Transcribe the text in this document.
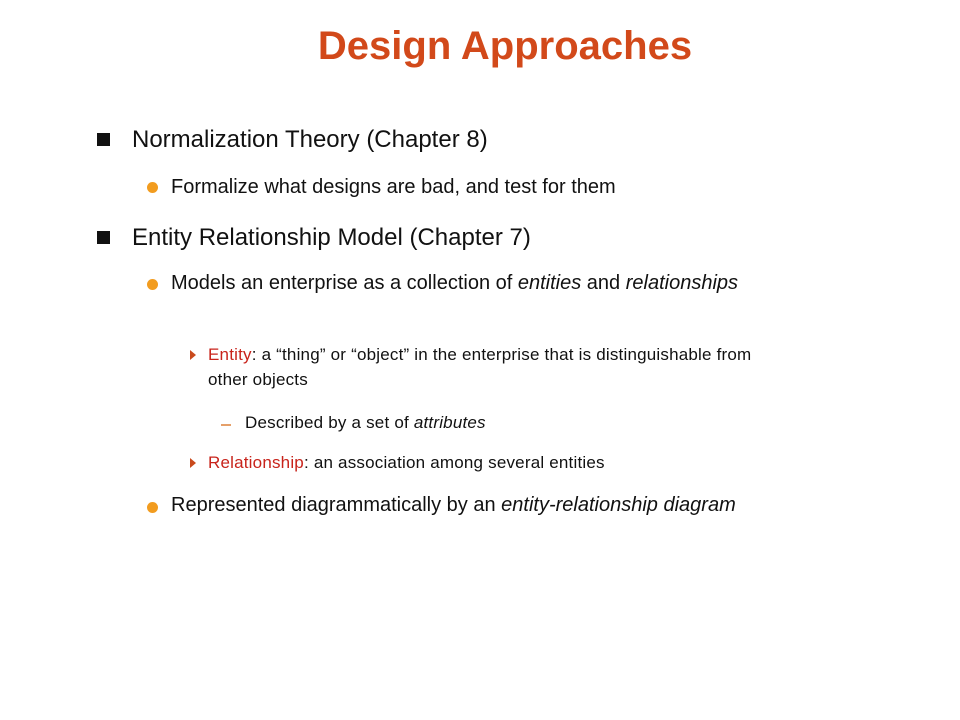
Design Approaches
Normalization Theory (Chapter 8)
Formalize what designs are bad, and test for them
Entity Relationship Model (Chapter 7)
Models an enterprise as a collection of entities and relationships
Entity: a “thing” or “object” in the enterprise that is distinguishable from other objects
Described by a set of attributes
Relationship: an association among several entities
Represented diagrammatically by an entity-relationship diagram
